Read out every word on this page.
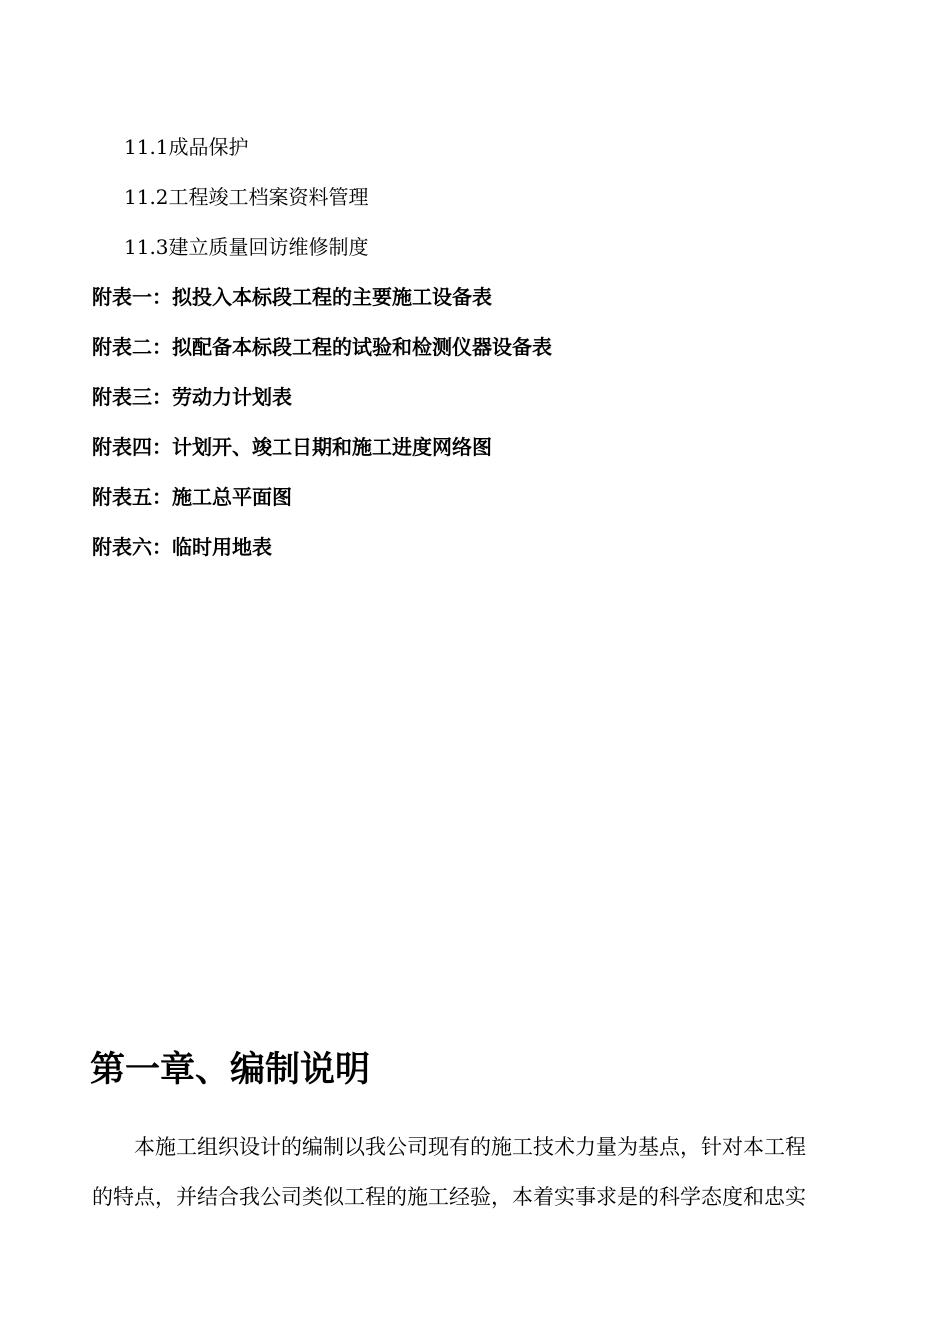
11.1成品保护
11.2工程竣工档案资料管理
11.3建立质量回访维修制度
附表一：拟投入本标段工程的主要施工设备表
附表二：拟配备本标段工程的试验和检测仪器设备表
附表三：劳动力计划表
附表四：计划开、竣工日期和施工进度网络图
附表五：施工总平面图
附表六：临时用地表
第一章、编制说明
本施工组织设计的编制以我公司现有的施工技术力量为基点，针对本工程
的特点，并结合我公司类似工程的施工经验，本着实事求是的科学态度和忠实
